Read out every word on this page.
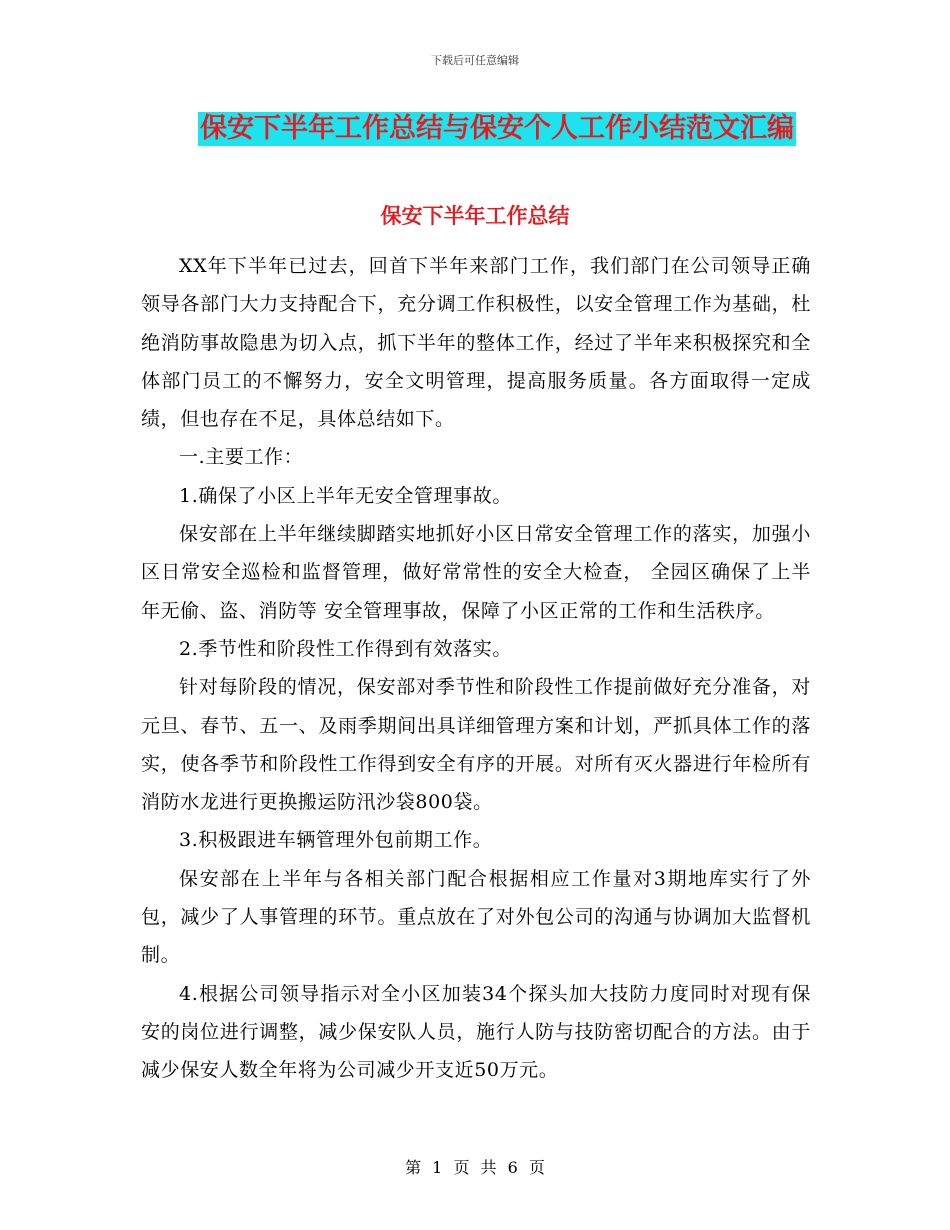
下载后可任意编辑
保安下半年工作总结与保安个人工作小结范文汇编
保安下半年工作总结

XX年下半年已过去，回首下半年来部门工作，我们部门在公司领导正确领导各部门大力支持配合下，充分调工作积极性，以安全管理工作为基础，杜绝消防事故隐患为切入点，抓下半年的整体工作，经过了半年来积极探究和全体部门员工的不懈努力，安全文明管理，提高服务质量。各方面取得一定成绩，但也存在不足，具体总结如下。

一.主要工作：

1.确保了小区上半年无安全管理事故。

保安部在上半年继续脚踏实地抓好小区日常安全管理工作的落实，加强小区日常安全巡检和监督管理，做好常常性的安全大检查， 全园区确保了上半年无偷、盗、消防等 安全管理事故，保障了小区正常的工作和生活秩序。

2.季节性和阶段性工作得到有效落实。

针对每阶段的情况，保安部对季节性和阶段性工作提前做好充分准备，对元旦、春节、五一、及雨季期间出具详细管理方案和计划，严抓具体工作的落实，使各季节和阶段性工作得到安全有序的开展。对所有灭火器进行年检所有消防水龙进行更换搬运防汛沙袋800袋。

3.积极跟进车辆管理外包前期工作。

保安部在上半年与各相关部门配合根据相应工作量对3期地库实行了外包，减少了人事管理的环节。重点放在了对外包公司的沟通与协调加大监督机制。

4.根据公司领导指示对全小区加装34个探头加大技防力度同时对现有保安的岗位进行调整，减少保安队人员，施行人防与技防密切配合的方法。由于减少保安人数全年将为公司减少开支近50万元。

第 1 页 共 6 页
